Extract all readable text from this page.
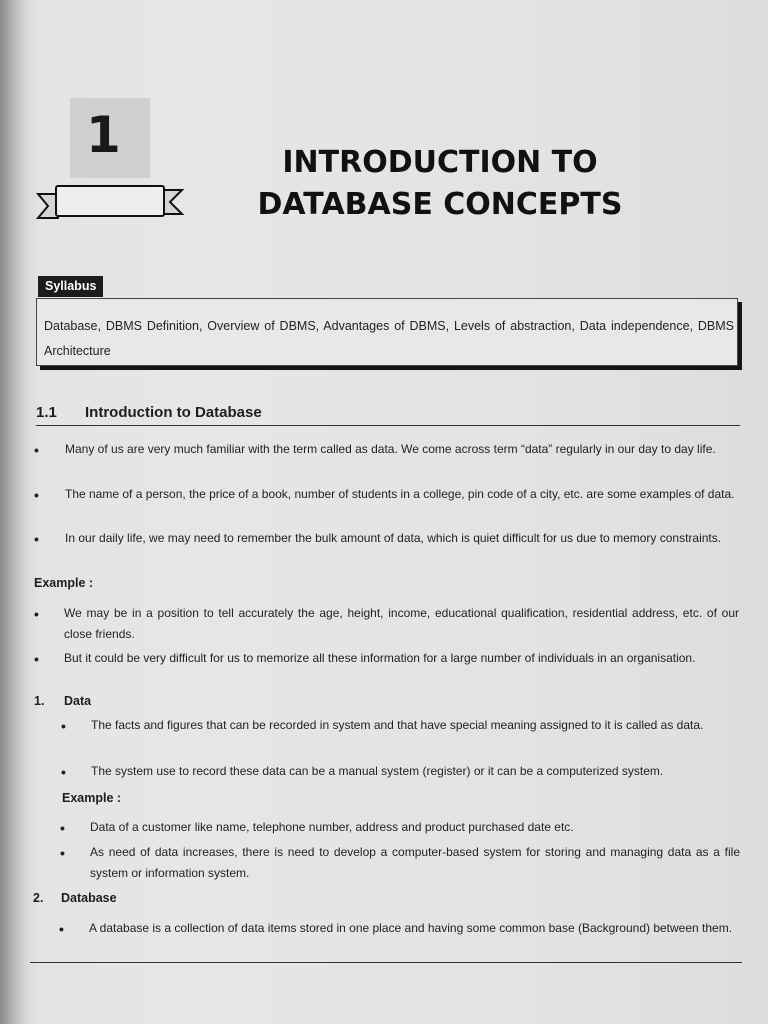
1	INTRODUCTION TO
DATABASE CONCEPTS
Syllabus
Database, DBMS Definition, Overview of DBMS, Advantages of DBMS, Levels of abstraction, Data independence, DBMS Architecture
1.1 Introduction to Database
• Many of us are very much familiar with the term called as data. We come across term “data” regularly in our day to day life.
• The name of a person, the price of a book, number of students in a college, pin code of a city, etc. are some examples of data.
• In our daily life, we may need to remember the bulk amount of data, which is quiet difficult for us due to memory constraints.
Example :
• We may be in a position to tell accurately the age, height, income, educational qualification, residential address, etc. of our close friends.
• But it could be very difficult for us to memorize all these information for a large number of individuals in an organisation.
1. Data
• The facts and figures that can be recorded in system and that have special meaning assigned to it is called as data.
• The system use to record these data can be a manual system (register) or it can be a computerized system.
Example :
• Data of a customer like name, telephone number, address and product purchased date etc.
• As need of data increases, there is need to develop a computer-based system for storing and managing data as a file system or information system.
2. Database
• A database is a collection of data items stored in one place and having some common base (Background) between them.
